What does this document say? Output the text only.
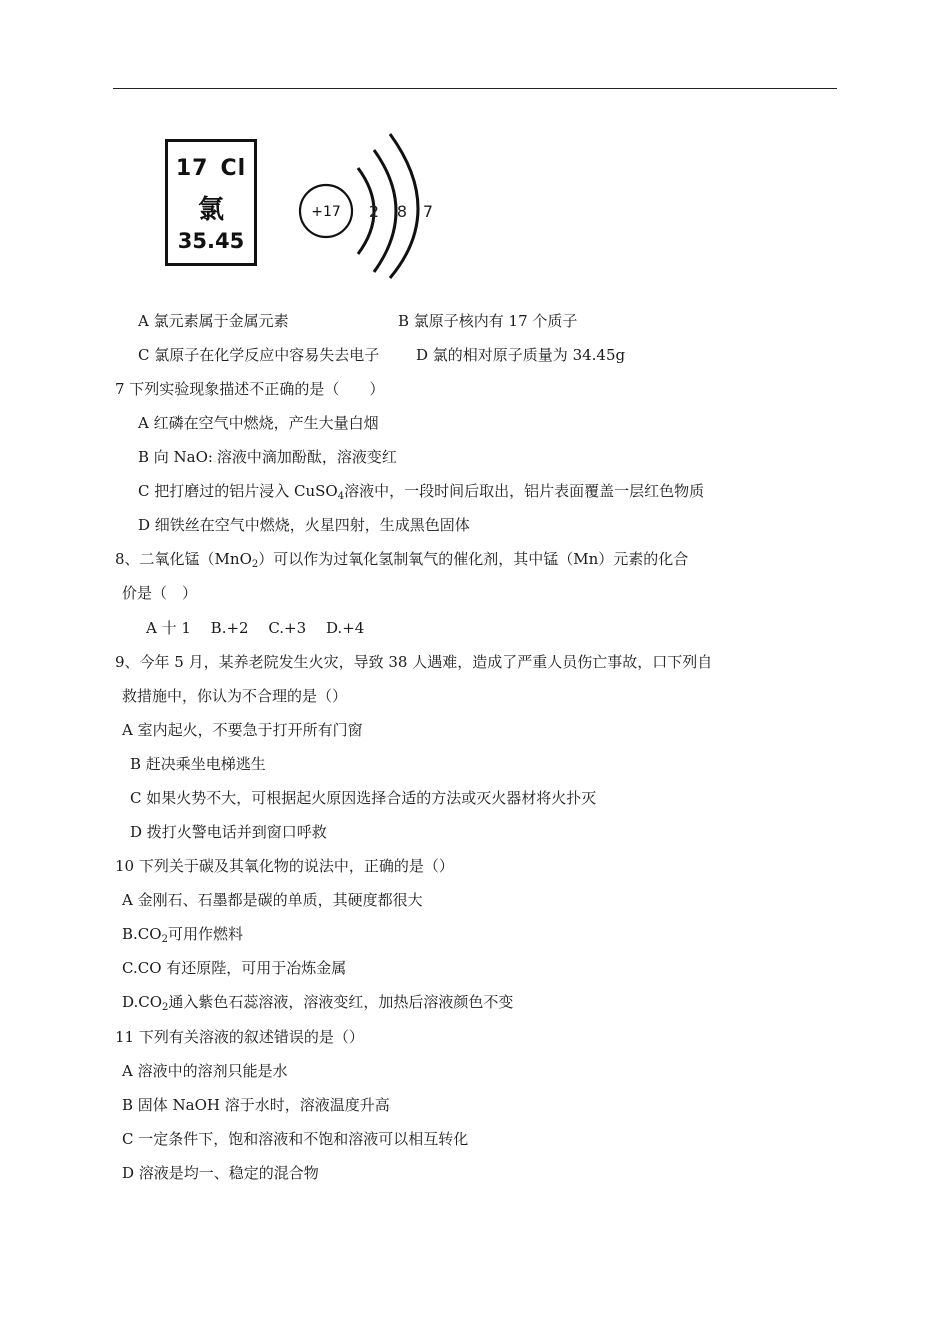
17 Cl
氯
35.45
+17 2 8 7
A 氯元素属于金属元素	B 氯原子核内有 17 个质子
C 氯原子在化学反应中容易失去电子 D 氯的相对原子质量为 34.45g
7 下列实验现象描述不正确的是（　　）
A 红磷在空气中燃烧，产生大量白烟
B 向 NaO:..溶液中滴加酚酞，溶液变红
C 把打磨过的铝片浸入 CuSO$_4$溶液中，一段时间后取出，铝片表面覆盖一层红色物质
D 细铁丝在空气中燃烧，火星四射，生成黑色固体
8、二氧化锰（MnO$_2$）可以作为过氧化氢制氧气的催化剂，其中锰（Mn）元素的化合
价是（　）
A 十 1　 B.+2　 C.+3　 D.+4
9、今年 5 月，某养老院发生火灾，导致 38 人遇难，造成了严重人员伤亡事故，口下列自
救措施中，你认为不合理的是（）
A 室内起火，不要急于打开所有门窗
B 赶决乘坐电梯逃生
C 如果火势不大，可根据起火原因选择合适的方法或灭火器材将火扑灭
D 拨打火警电话并到窗口呼救
10 下列关于碳及其氧化物的说法中，正确的是（）
A 金刚石、石墨都是碳的单质，其硬度都很大
$B.CO_2$可用作燃料
C.CO 有还原陛，可用于冶炼金属
$D.CO_2$通入紫色石蕊溶液，溶液变红，加热后溶液颜色不变
11 下列有关溶液的叙述错误的是（）
A 溶液中的溶剂只能是水
B 固体 NaOH 溶于水时，溶液温度升高
C 一定条件下，饱和溶液和不饱和溶液可以相互转化
D 溶液是均一、稳定的混合物
